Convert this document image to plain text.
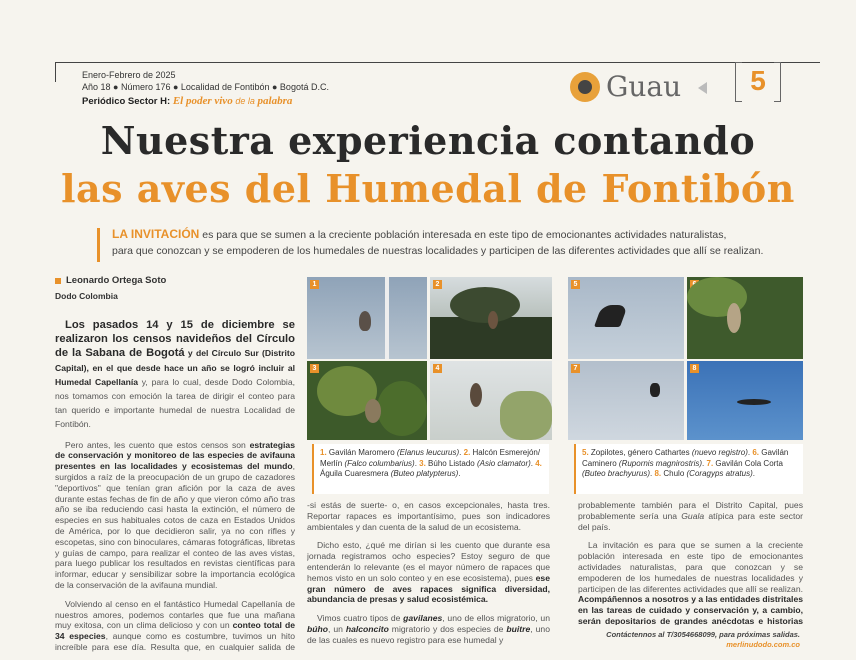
Enero-Febrero de 2025
Año 18 ● Número 176 ● Localidad de Fontibón ● Bogotá D.C.
Periódico Sector H: El poder vivo de la palabra	Guau 5
Nuestra experiencia contando
las aves del Humedal de Fontibón
LA INVITACIÓN es para que se sumen a la creciente población interesada en este tipo de emocionantes actividades naturalistas,
para que conozcan y se empoderen de los humedales de nuestras localidades y participen de las diferentes actividades que allí se realizan.
Leonardo Ortega Soto
Dodo Colombia

Los pasados 14 y 15 de diciembre se realizaron los censos navideños del Círculo de la Sabana de Bogotá y del Círculo Sur (Distrito Capital), en el que desde hace un año se logró incluir al Humedal Capellanía y, para lo cual, desde Dodo Colombia, nos tomamos con emoción la tarea de dirigir el conteo para tan querido e importante humedal de nuestra Localidad de Fontibón.

Pero antes, les cuento que estos censos son estrategias de conservación y monitoreo de las especies de avifauna presentes en las localidades y ecosistemas del mundo, surgidos a raíz de la preocupación de un grupo de cazadores "deportivos" que tenían gran afición por la caza de aves durante estas fechas de fin de año y que vieron cómo año tras año se iba reduciendo casi hasta la extinción, el número de especies en sus habituales cotos de caza en Estados Unidos de América, por lo que decidieron salir, ya no con rifles y escopetas, sino con binoculares, cámaras fotográficas, libretas y guías de campo, para realizar el conteo de las aves vistas, para luego publicar los resultados en revistas científicas para informar, educar y sensibilizar sobre la importancia ecológica de la conservación de la avifauna mundial.

Volviendo al censo en el fantástico Humedal Capellanía de nuestros amores, podemos contarles que fue una mañana muy exitosa, con un clima delicioso y con un conteo total de 34 especies, aunque como es costumbre, tuvimos un hito increíble para ese día. Resulta que, en cualquier salida de

1	2
3	4
1. Gavilán Maromero (Elanus leucurus). 2. Halcón Esmerejón/ Merlín (Falco columbarius). 3. Búho Listado (Asio clamator). 4. Águila Cuaresmera (Buteo platypterus).
5
7	8
5. Zopilotes, género Cathartes (nuevo registro). 6. Gavilán Caminero (Rupornis magnirostris). 7. Gavilán Cola Corta (Buteo brachyurus). 8. Chulo (Coragyps atratus).

-si estás de suerte- o, en casos excepcionales, hasta tres. Reportar rapaces es importantísimo, pues son indicadores ambientales y dan cuenta de la salud de un ecosistema.

Dicho esto, ¿qué me dirían si les cuento que durante esa jornada registramos ocho especies? Estoy seguro de que entenderán lo relevante (es el mayor número de rapaces que hemos visto en un solo conteo y en ese ecosistema), pues ese gran número de aves rapaces significa diversidad, abundancia de presas y salud ecosistémica.

Vimos cuatro tipos de gavilanes, uno de ellos migratorio, un búho, un halconcito migratorio y dos especies de buitre, uno de las cuales es nuevo registro para ese humedal y

probablemente también para el Distrito Capital, pues probablemente sería una Guala atípica para este sector del país.

La invitación es para que se sumen a la creciente población interesada en este tipo de emocionantes actividades naturalistas, para que conozcan y se empoderen de los humedales de nuestras localidades y participen de las diferentes actividades que allí se realizan. Acompáñennos a nosotros y a las entidades distritales en las tareas de cuidado y conservación y, a cambio, serán depositarios de grandes anécdotas e historias

Contáctennos al T/3054668099, para próximas salidas.
merlinudodo.com.co
